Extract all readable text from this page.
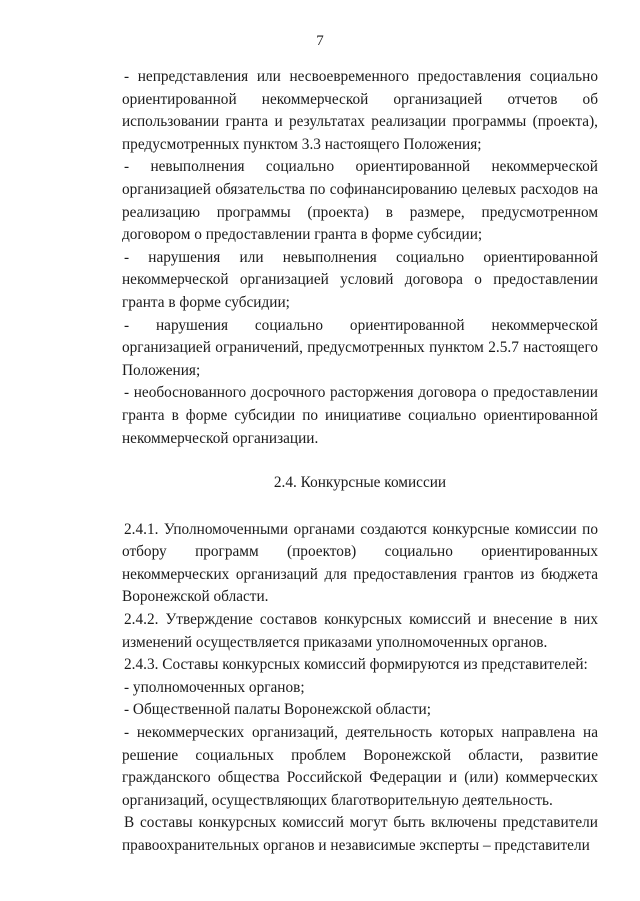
7

- непредставления или несвоевременного предоставления социально ориентированной некоммерческой организацией отчетов об использовании гранта и результатах реализации программы (проекта), предусмотренных пунктом 3.3 настоящего Положения;

- невыполнения социально ориентированной некоммерческой организацией обязательства по софинансированию целевых расходов на реализацию программы (проекта) в размере, предусмотренном договором о предоставлении гранта в форме субсидии;

- нарушения или невыполнения социально ориентированной некоммерческой организацией условий договора о предоставлении гранта в форме субсидии;

- нарушения социально ориентированной некоммерческой организацией ограничений, предусмотренных пунктом 2.5.7 настоящего Положения;

- необоснованного досрочного расторжения договора о предоставлении гранта в форме субсидии по инициативе социально ориентированной некоммерческой организации.

2.4. Конкурсные комиссии

2.4.1. Уполномоченными органами создаются конкурсные комиссии по отбору программ (проектов) социально ориентированных некоммерческих организаций для предоставления грантов из бюджета Воронежской области.

2.4.2. Утверждение составов конкурсных комиссий и внесение в них изменений осуществляется приказами уполномоченных органов.

2.4.3. Составы конкурсных комиссий формируются из представителей:

- уполномоченных органов;

- Общественной палаты Воронежской области;

- некоммерческих организаций, деятельность которых направлена на решение социальных проблем Воронежской области, развитие гражданского общества Российской Федерации и (или) коммерческих организаций, осуществляющих благотворительную деятельность.

В составы конкурсных комиссий могут быть включены представители правоохранительных органов и независимые эксперты – представители
